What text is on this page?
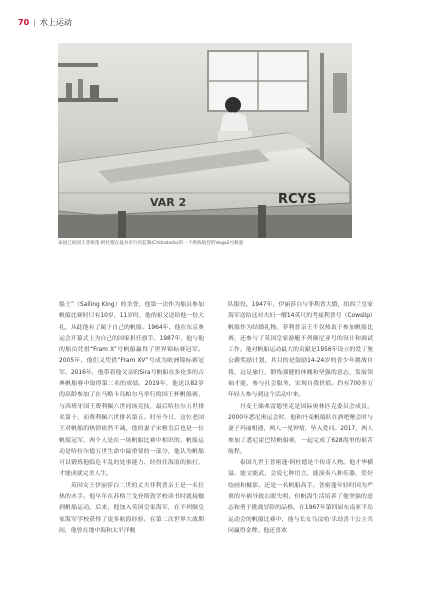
70 | 水上运动
VAR 2	RCYS
泰国已故国王普密蓬·阿杜德在曼谷市行宫监制(Chitralada)的一个供练航营的Vega2号帆船

船王”（Sailing King）的美誉，他第一次作为船员参加帆船比赛时只有10岁，11岁时，他的祖父送给他一份大礼，从此他有了属于自己的帆船。1964年，他在东京奥运会开幕式上为自己的国家担任旗手。1987年，他与他的船员凭借“Fram X”号帆船赢得了世界锦标赛冠军。2005年，他们又凭借“Fram XV”号成为欧洲锦标赛冠军。2016年，他带着他父亲的Sira号帆船在多伦多的古典帆船赛中取得第二名的成绩。2019年，他送以82岁的高龄参加了在马略卡岛帕尔马举行的国王杯帆船赛，与西班牙国王费利佩六世同场竞技，最后哈拉尔五世排名第十，而费利佩六世排名第五。时至今日，这位老国王对帆船的热情依然不减，他的妻子宋雅皇后也是一位帆船冠军，两个人是在一场帆船比赛中相识的。帆船运动是哈拉尔德五世生命中最重要的一部分，他认为帆船可以锻炼他临危不乱的处事能力、经得住海浪的掂打，才能成就完美人生。

英国女王伊丽莎白二世的丈夫菲利普亲王是一名狂热的水手。他早年在苏格兰戈登斯敦学校读书时就接触到帆船运动。后来，他加入英国皇家海军，在不列颠皇家海军学校获得了更多航海经验。在第二次世界大战期间，他曾在地中海和太平洋舰

队服役。1947年，伊丽莎白与菲利普大婚，组西兰皇家海军送给这对夫妇一艘14英尺的考兹利普号（Cowslip）帆船作为结婚礼物。菲利普亲王不仅热衷于参加帆船比赛，还参与了英国皇家游艇不列颠尼亚号的设计和调试工作。他对帆船运动最大的贡献是1956年设立的爱丁堡公爵奖励计划，其目的是鼓励14-24岁的青少年挑战自我，远足旅行，锻炼强健的体魄和坚强的意志，发展领袖才能，参与社会服务，实现自我价值。约有700多万年轻人参与到这个活动中来。

丹麦王储弗雷德里克是国际奥林匹克委员会成员，2000年悉尼奥运会时，他和丹麦帆船队在酒吧聚会时与妻子玛丽相遇，两人一见钟情，坠入爱河。2017，两人参加了悉尼霍巴特帆船赛，一起完成了628海里的艰苦航程。

泰国九世王普密蓬·阿杜德是个传奇人物。他才华横溢，能文能武，会说七种语言，能演奏八种乐器，爱好绘画和摄影，还是一名帆船高手。普密蓬年轻时因为严重的车祸导致右眼失明，但帆海生活培养了他坚强的意志和勇于挑战冒险的品格。在1967年第四届东南亚半岛运动会的帆船比赛中，他与长女乌汶叻·乐劫喜干公主共同赢得金牌。他还喜欢
